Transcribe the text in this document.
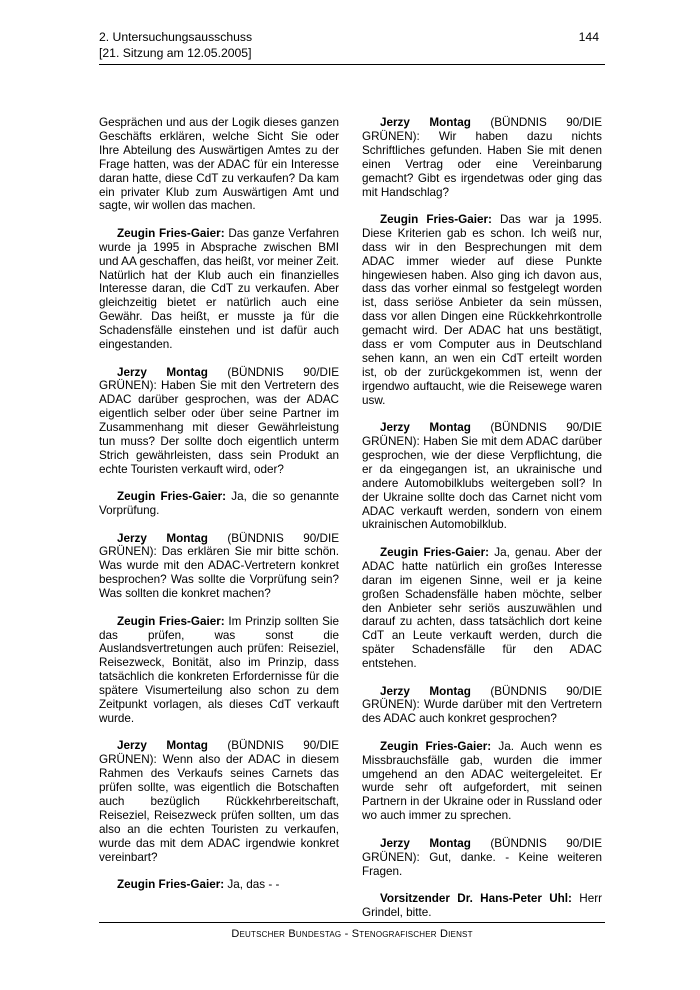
2. Untersuchungsausschuss
[21. Sitzung am 12.05.2005]
144

Gesprächen und aus der Logik dieses ganzen Geschäfts erklären, welche Sicht Sie oder Ihre Abteilung des Auswärtigen Amtes zu der Frage hatten, was der ADAC für ein Interesse daran hatte, diese CdT zu verkaufen? Da kam ein privater Klub zum Auswärtigen Amt und sagte, wir wollen das machen.

Zeugin Fries-Gaier: Das ganze Verfahren wurde ja 1995 in Absprache zwischen BMI und AA geschaffen, das heißt, vor meiner Zeit. Natürlich hat der Klub auch ein finanzielles Interesse daran, die CdT zu verkaufen. Aber gleichzeitig bietet er natürlich auch eine Gewähr. Das heißt, er musste ja für die Schadensfälle einstehen und ist dafür auch eingestanden.

Jerzy Montag (BÜNDNIS 90/DIE GRÜNEN): Haben Sie mit den Vertretern des ADAC darüber gesprochen, was der ADAC eigentlich selber oder über seine Partner im Zusammenhang mit dieser Gewährleistung tun muss? Der sollte doch eigentlich unterm Strich gewährleisten, dass sein Produkt an echte Touristen verkauft wird, oder?

Zeugin Fries-Gaier: Ja, die so genannte Vorprüfung.

Jerzy Montag (BÜNDNIS 90/DIE GRÜNEN): Das erklären Sie mir bitte schön. Was wurde mit den ADAC-Vertretern konkret besprochen? Was sollte die Vorprüfung sein? Was sollten die konkret machen?

Zeugin Fries-Gaier: Im Prinzip sollten Sie das prüfen, was sonst die Auslandsvertretungen auch prüfen: Reiseziel, Reisezweck, Bonität, also im Prinzip, dass tatsächlich die konkreten Erfordernisse für die spätere Visumerteilung also schon zu dem Zeitpunkt vorlagen, als dieses CdT verkauft wurde.

Jerzy Montag (BÜNDNIS 90/DIE GRÜNEN): Wenn also der ADAC in diesem Rahmen des Verkaufs seines Carnets das prüfen sollte, was eigentlich die Botschaften auch bezüglich Rückkehrbereitschaft, Reiseziel, Reisezweck prüfen sollten, um das also an die echten Touristen zu verkaufen, wurde das mit dem ADAC irgendwie konkret vereinbart?

Zeugin Fries-Gaier: Ja, das - -

Jerzy Montag (BÜNDNIS 90/DIE GRÜNEN): Wir haben dazu nichts Schriftliches gefunden. Haben Sie mit denen einen Vertrag oder eine Vereinbarung gemacht? Gibt es irgendetwas oder ging das mit Handschlag?

Zeugin Fries-Gaier: Das war ja 1995. Diese Kriterien gab es schon. Ich weiß nur, dass wir in den Besprechungen mit dem ADAC immer wieder auf diese Punkte hingewiesen haben. Also ging ich davon aus, dass das vorher einmal so festgelegt worden ist, dass seriöse Anbieter da sein müssen, dass vor allen Dingen eine Rückkehrkontrolle gemacht wird. Der ADAC hat uns bestätigt, dass er vom Computer aus in Deutschland sehen kann, an wen ein CdT erteilt worden ist, ob der zurückgekommen ist, wenn der irgendwo auftaucht, wie die Reisewege waren usw.

Jerzy Montag (BÜNDNIS 90/DIE GRÜNEN): Haben Sie mit dem ADAC darüber gesprochen, wie der diese Verpflichtung, die er da eingegangen ist, an ukrainische und andere Automobilklubs weitergeben soll? In der Ukraine sollte doch das Carnet nicht vom ADAC verkauft werden, sondern von einem ukrainischen Automobilklub.

Zeugin Fries-Gaier: Ja, genau. Aber der ADAC hatte natürlich ein großes Interesse daran im eigenen Sinne, weil er ja keine großen Schadensfälle haben möchte, selber den Anbieter sehr seriös auszuwählen und darauf zu achten, dass tatsächlich dort keine CdT an Leute verkauft werden, durch die später Schadensfälle für den ADAC entstehen.

Jerzy Montag (BÜNDNIS 90/DIE GRÜNEN): Wurde darüber mit den Vertretern des ADAC auch konkret gesprochen?

Zeugin Fries-Gaier: Ja. Auch wenn es Missbrauchsfälle gab, wurden die immer umgehend an den ADAC weitergeleitet. Er wurde sehr oft aufgefordert, mit seinen Partnern in der Ukraine oder in Russland oder wo auch immer zu sprechen.

Jerzy Montag (BÜNDNIS 90/DIE GRÜNEN): Gut, danke. - Keine weiteren Fragen.

Vorsitzender Dr. Hans-Peter Uhl: Herr Grindel, bitte.

Deutscher Bundestag - Stenografischer Dienst
